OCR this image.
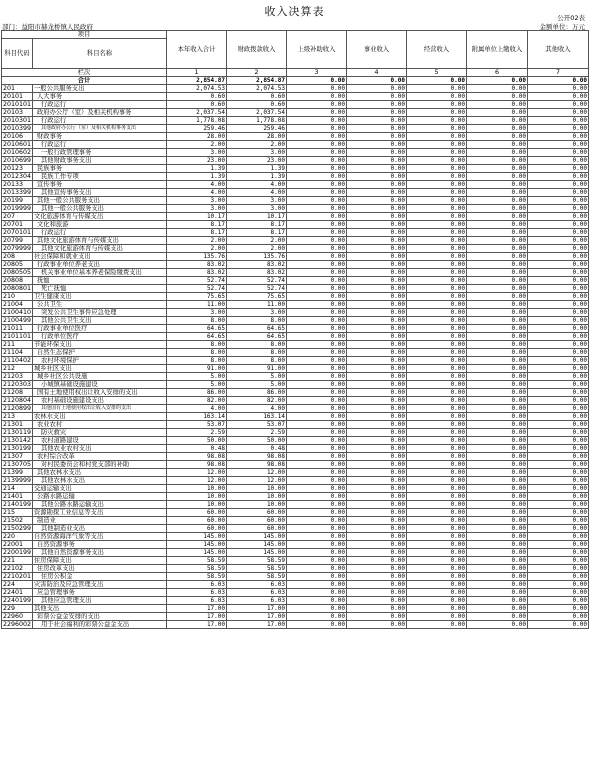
收入决算表	公开02表
部门：益阳市赫龙桥镇人民政府	金额单位：万元
项目		本年收入合计	财政拨款收入	上级补助收入	事业收入	经营收入	附属单位上缴收入	其他收入
科目代码	科目名称							
栏次		1	2	3	4	5	6	7
合计		2,854.87	2,854.87	0.00	0.00	0.00	0.00	0.00
201	一般公共服务支出	2,074.53	2,074.53	0.00	0.00	0.00	0.00	0.00
20101	人大事务	0.60	0.60	0.00	0.00	0.00	0.00	0.00
2010101	行政运行	0.60	0.60	0.00	0.00	0.00	0.00	0.00
20103	政府办公厅（室）及相关机构事务	2,037.54	2,037.54	0.00	0.00	0.00	0.00	0.00
2010301	行政运行	1,778.08	1,778.08	0.00	0.00	0.00	0.00	0.00
2010399	其他政府办公厅（室）及相关机构事务支出	259.46	259.46	0.00	0.00	0.00	0.00	0.00
20106	财政事务	28.00	28.00	0.00	0.00	0.00	0.00	0.00
2010601	行政运行	2.00	2.00	0.00	0.00	0.00	0.00	0.00
2010602	一般行政管理事务	3.00	3.00	0.00	0.00	0.00	0.00	0.00
2010699	其他财政事务支出	23.00	23.00	0.00	0.00	0.00	0.00	0.00
20123	民族事务	1.39	1.39	0.00	0.00	0.00	0.00	0.00
2012304	民族工作专项	1.39	1.39	0.00	0.00	0.00	0.00	0.00
20133	宣传事务	4.00	4.00	0.00	0.00	0.00	0.00	0.00
2013399	其他宣传事务支出	4.00	4.00	0.00	0.00	0.00	0.00	0.00
20199	其他一般公共服务支出	3.00	3.00	0.00	0.00	0.00	0.00	0.00
2019999	其他一般公共服务支出	3.00	3.00	0.00	0.00	0.00	0.00	0.00
207	文化旅游体育与传媒支出	10.17	10.17	0.00	0.00	0.00	0.00	0.00
20701	文化和旅游	8.17	8.17	0.00	0.00	0.00	0.00	0.00
2070101	行政运行	8.17	8.17	0.00	0.00	0.00	0.00	0.00
20799	其他文化旅游体育与传媒支出	2.00	2.00	0.00	0.00	0.00	0.00	0.00
2079999	其他文化旅游体育与传媒支出	2.00	2.00	0.00	0.00	0.00	0.00	0.00
208	社会保障和就业支出	135.76	135.76	0.00	0.00	0.00	0.00	0.00
20805	行政事业单位养老支出	83.02	83.02	0.00	0.00	0.00	0.00	0.00
2080505	机关事业单位基本养老保险缴费支出	83.02	83.02	0.00	0.00	0.00	0.00	0.00
20808	抚恤	52.74	52.74	0.00	0.00	0.00	0.00	0.00
2080801	死亡抚恤	52.74	52.74	0.00	0.00	0.00	0.00	0.00
210	卫生健康支出	75.65	75.65	0.00	0.00	0.00	0.00	0.00
21004	公共卫生	11.00	11.00	0.00	0.00	0.00	0.00	0.00
2100410	突发公共卫生事件应急处理	3.00	3.00	0.00	0.00	0.00	0.00	0.00
2100499	其他公共卫生支出	8.00	8.00	0.00	0.00	0.00	0.00	0.00
21011	行政事业单位医疗	64.65	64.65	0.00	0.00	0.00	0.00	0.00
2101101	行政单位医疗	64.65	64.65	0.00	0.00	0.00	0.00	0.00
211	节能环保支出	8.00	8.00	0.00	0.00	0.00	0.00	0.00
21104	自然生态保护	8.00	8.00	0.00	0.00	0.00	0.00	0.00
2110402	农村环境保护	8.00	8.00	0.00	0.00	0.00	0.00	0.00
212	城乡社区支出	91.00	91.00	0.00	0.00	0.00	0.00	0.00
21203	城乡社区公共设施	5.00	5.00	0.00	0.00	0.00	0.00	0.00
2120303	小城镇基础设施建设	5.00	5.00	0.00	0.00	0.00	0.00	0.00
21208	国有土地使用权出让收入安排的支出	86.00	86.00	0.00	0.00	0.00	0.00	0.00
2120804	农村基础设施建设支出	82.00	82.00	0.00	0.00	0.00	0.00	0.00
2120899	其他国有土地使用权出让收入安排的支出	4.00	4.00	0.00	0.00	0.00	0.00	0.00
213	农林水支出	163.14	163.14	0.00	0.00	0.00	0.00	0.00
21301	农业农村	53.07	53.07	0.00	0.00	0.00	0.00	0.00
2130119	防灾救灾	2.59	2.59	0.00	0.00	0.00	0.00	0.00
2130142	农村道路建设	50.00	50.00	0.00	0.00	0.00	0.00	0.00
2130199	其他农业农村支出	0.48	0.48	0.00	0.00	0.00	0.00	0.00
21307	农村综合改革	98.08	98.08	0.00	0.00	0.00	0.00	0.00
2130705	对村民委员会和村党支部的补助	98.08	98.08	0.00	0.00	0.00	0.00	0.00
21399	其他农林水支出	12.00	12.00	0.00	0.00	0.00	0.00	0.00
2139999	其他农林水支出	12.00	12.00	0.00	0.00	0.00	0.00	0.00
214	交通运输支出	10.00	10.00	0.00	0.00	0.00	0.00	0.00
21401	公路水路运输	10.00	10.00	0.00	0.00	0.00	0.00	0.00
2140199	其他公路水路运输支出	10.00	10.00	0.00	0.00	0.00	0.00	0.00
215	资源勘探工业信息等支出	60.00	60.00	0.00	0.00	0.00	0.00	0.00
21502	制造业	60.00	60.00	0.00	0.00	0.00	0.00	0.00
2150299	其他制造业支出	60.00	60.00	0.00	0.00	0.00	0.00	0.00
220	自然资源海洋气象等支出	145.00	145.00	0.00	0.00	0.00	0.00	0.00
22001	自然资源事务	145.00	145.00	0.00	0.00	0.00	0.00	0.00
2200199	其他自然资源事务支出	145.00	145.00	0.00	0.00	0.00	0.00	0.00
221	住房保障支出	58.59	58.59	0.00	0.00	0.00	0.00	0.00
22102	住房改革支出	58.59	58.59	0.00	0.00	0.00	0.00	0.00
2210201	住房公积金	58.59	58.59	0.00	0.00	0.00	0.00	0.00
224	灾害防治及应急管理支出	6.03	6.03	0.00	0.00	0.00	0.00	0.00
22401	应急管理事务	6.03	6.03	0.00	0.00	0.00	0.00	0.00
2240199	其他应急管理支出	6.03	6.03	0.00	0.00	0.00	0.00	0.00
229	其他支出	17.00	17.00	0.00	0.00	0.00	0.00	0.00
22960	彩票公益金安排的支出	17.00	17.00	0.00	0.00	0.00	0.00	0.00
2296002	用于社会福利的彩票公益金支出	17.00	17.00	0.00	0.00	0.00	0.00	0.00
